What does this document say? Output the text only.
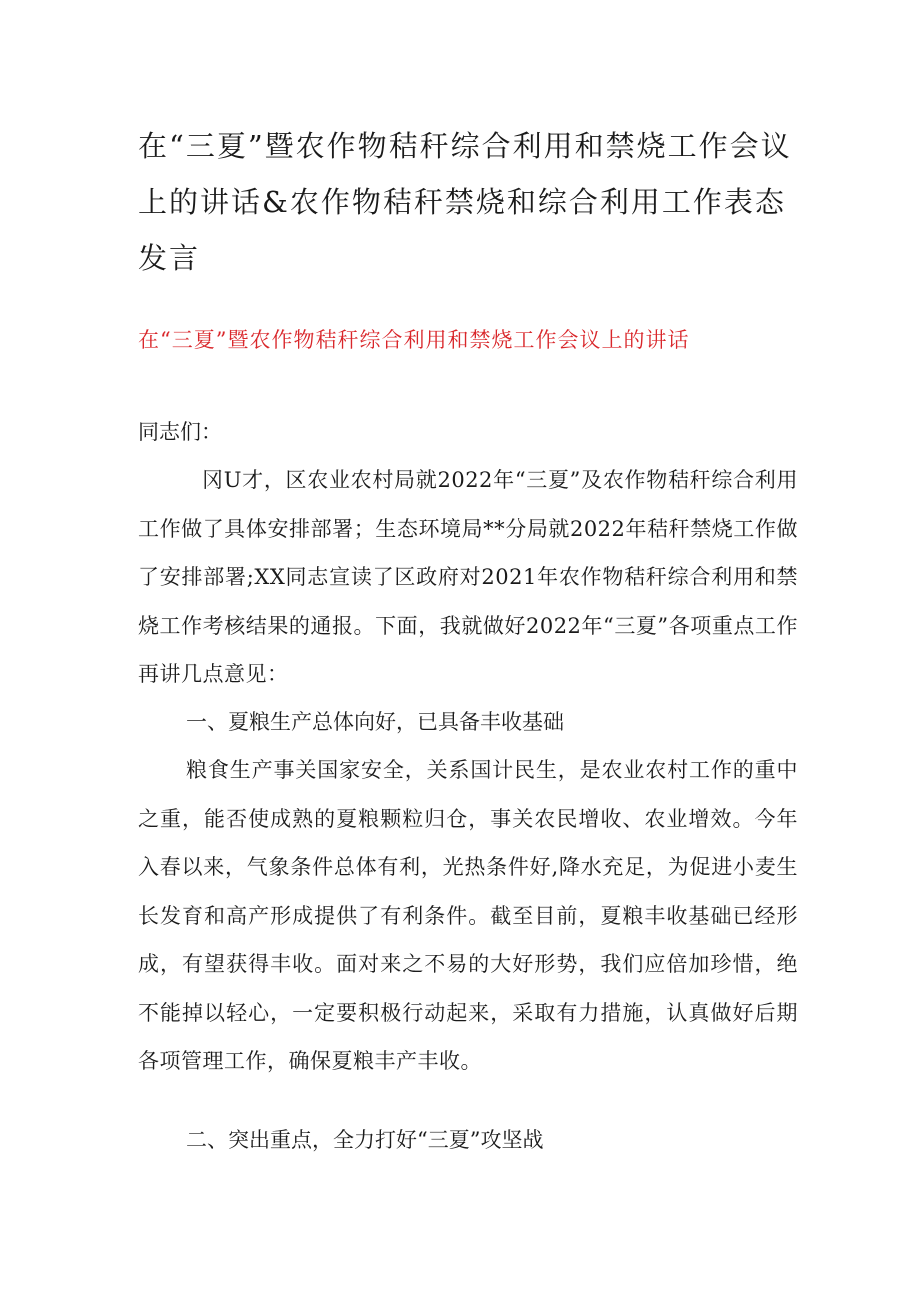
在“三夏”暨农作物秸秆综合利用和禁烧工作会议上的讲话&农作物秸秆禁烧和综合利用工作表态发言
在“三夏”暨农作物秸秆综合利用和禁烧工作会议上的讲话

同志们：

冈U才，区农业农村局就2022年“三夏”及农作物秸秆综合利用工作做了具体安排部署；生态环境局**分局就2022年秸秆禁烧工作做了安排部署;XX同志宣读了区政府对2021年农作物秸秆综合利用和禁烧工作考核结果的通报。下面，我就做好2022年“三夏”各项重点工作再讲几点意见：

一、夏粮生产总体向好，已具备丰收基础

粮食生产事关国家安全，关系国计民生，是农业农村工作的重中之重，能否使成熟的夏粮颗粒归仓，事关农民增收、农业增效。今年入春以来，气象条件总体有利，光热条件好,降水充足，为促进小麦生长发育和高产形成提供了有利条件。截至目前，夏粮丰收基础已经形成，有望获得丰收。面对来之不易的大好形势，我们应倍加珍惜，绝不能掉以轻心，一定要积极行动起来，采取有力措施，认真做好后期各项管理工作，确保夏粮丰产丰收。

二、突出重点，全力打好“三夏”攻坚战
